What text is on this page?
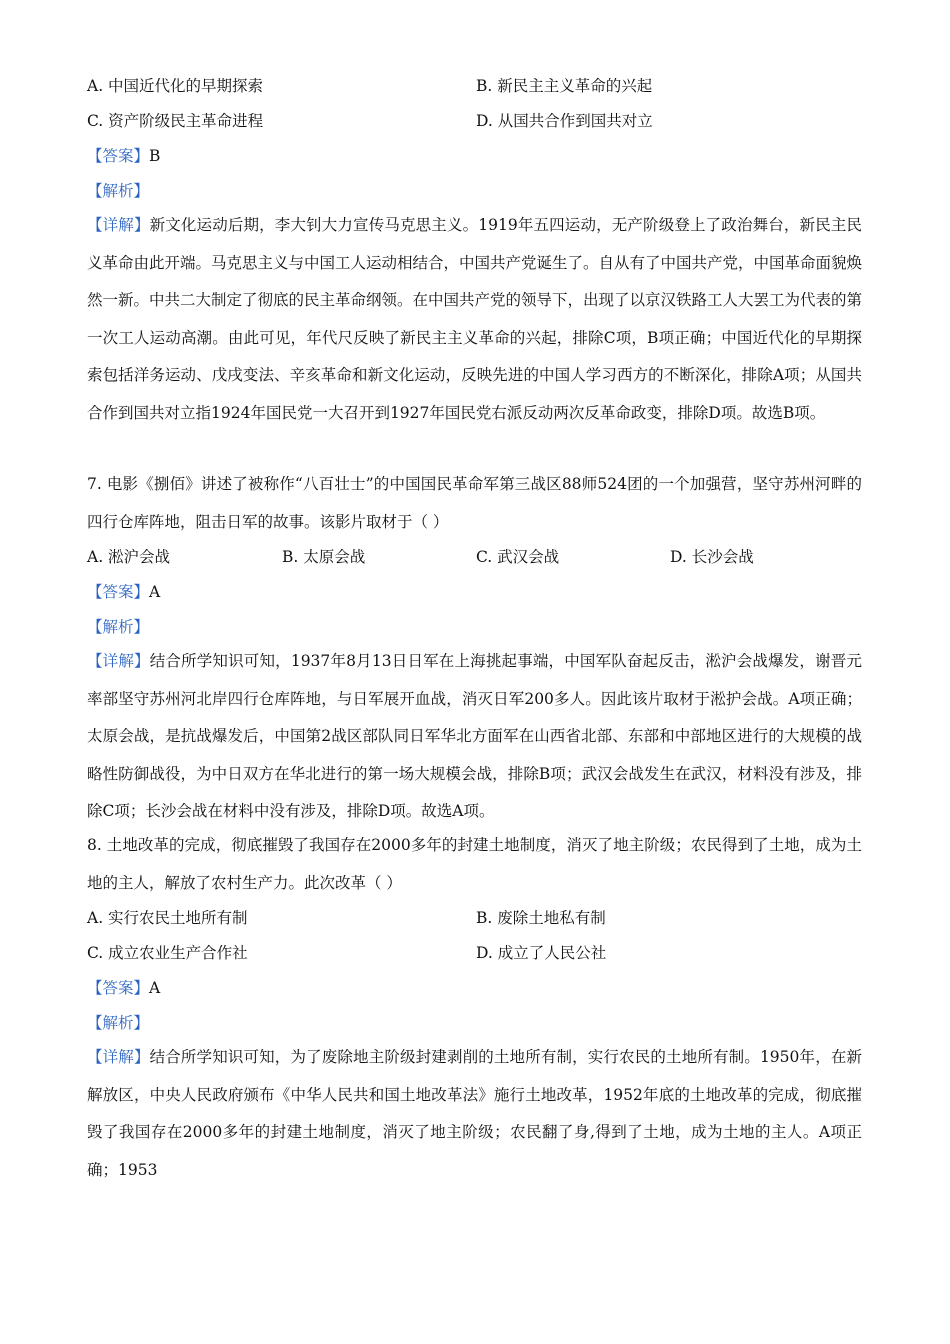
A. 中国近代化的早期探索	B. 新民主主义革命的兴起
C. 资产阶级民主革命进程	D. 从国共合作到国共对立
【答案】B
【解析】
【详解】新文化运动后期，李大钊大力宣传马克思主义。1919年五四运动，无产阶级登上了政治舞台，新民主民义革命由此开端。马克思主义与中国工人运动相结合，中国共产党诞生了。自从有了中国共产党，中国革命面貌焕然一新。中共二大制定了彻底的民主革命纲领。在中国共产党的领导下，出现了以京汉铁路工人大罢工为代表的第一次工人运动高潮。由此可见，年代尺反映了新民主主义革命的兴起，排除C项，B项正确；中国近代化的早期探索包括洋务运动、戊戌变法、辛亥革命和新文化运动，反映先进的中国人学习西方的不断深化，排除A项；从国共合作到国共对立指1924年国民党一大召开到1927年国民党右派反动两次反革命政变，排除D项。故选B项。
7. 电影《捌佰》讲述了被称作“八百壮士”的中国国民革命军第三战区88师524团的一个加强营，坚守苏州河畔的四行仓库阵地，阻击日军的故事。该影片取材于（ ）
A. 淞沪会战	B. 太原会战	C. 武汉会战	D. 长沙会战
【答案】A
【解析】
【详解】结合所学知识可知，1937年8月13日日军在上海挑起事端，中国军队奋起反击，淞沪会战爆发，谢晋元率部坚守苏州河北岸四行仓库阵地，与日军展开血战，消灭日军200多人。因此该片取材于淞护会战。A项正确；太原会战，是抗战爆发后，中国第2战区部队同日军华北方面军在山西省北部、东部和中部地区进行的大规模的战略性防御战役，为中日双方在华北进行的第一场大规模会战，排除B项；武汉会战发生在武汉，材料没有涉及，排除C项；长沙会战在材料中没有涉及，排除D项。故选A项。
8. 土地改革的完成，彻底摧毁了我国存在2000多年的封建土地制度，消灭了地主阶级；农民得到了土地，成为土地的主人，解放了农村生产力。此次改革（ ）
A. 实行农民土地所有制	B. 废除土地私有制
C. 成立农业生产合作社	D. 成立了人民公社
【答案】A
【解析】
【详解】结合所学知识可知，为了废除地主阶级封建剥削的土地所有制，实行农民的土地所有制。1950年，在新解放区，中央人民政府颁布《中华人民共和国土地改革法》施行土地改革，1952年底的土地改革的完成，彻底摧毁了我国存在2000多年的封建土地制度，消灭了地主阶级；农民翻了身,得到了土地，成为土地的主人。A项正确；1953
